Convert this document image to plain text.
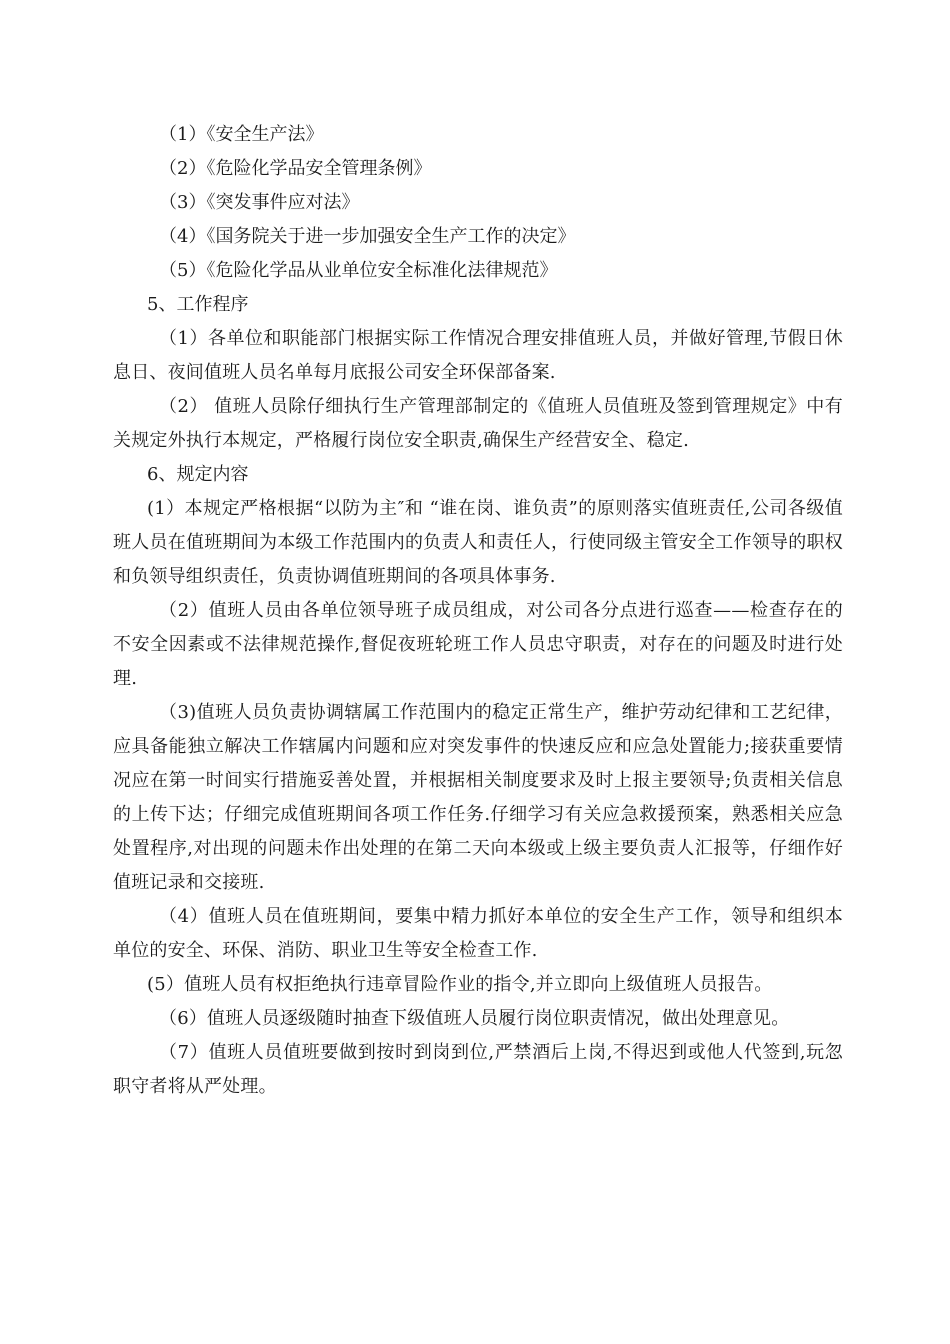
（1）《安全生产法》
（2）《危险化学品安全管理条例》
（3）《突发事件应对法》
（4）《国务院关于进一步加强安全生产工作的决定》
（5）《危险化学品从业单位安全标准化法律规范》
5、工作程序
（1）各单位和职能部门根据实际工作情况合理安排值班人员，并做好管理,节假日休息日、夜间值班人员名单每月底报公司安全环保部备案.
（2） 值班人员除仔细执行生产管理部制定的《值班人员值班及签到管理规定》中有关规定外执行本规定，严格履行岗位安全职责,确保生产经营安全、稳定.
6、规定内容
(1）本规定严格根据“以防为主″和 “谁在岗、谁负责”的原则落实值班责任,公司各级值班人员在值班期间为本级工作范围内的负责人和责任人，行使同级主管安全工作领导的职权和负领导组织责任，负责协调值班期间的各项具体事务.
（2）值班人员由各单位领导班子成员组成，对公司各分点进行巡查——检查存在的不安全因素或不法律规范操作,督促夜班轮班工作人员忠守职责，对存在的问题及时进行处理.
（3)值班人员负责协调辖属工作范围内的稳定正常生产，维护劳动纪律和工艺纪律，应具备能独立解决工作辖属内问题和应对突发事件的快速反应和应急处置能力;接获重要情况应在第一时间实行措施妥善处置，并根据相关制度要求及时上报主要领导;负责相关信息的上传下达；仔细完成值班期间各项工作任务.仔细学习有关应急救援预案，熟悉相关应急处置程序,对出现的问题未作出处理的在第二天向本级或上级主要负责人汇报等，仔细作好值班记录和交接班.
（4）值班人员在值班期间，要集中精力抓好本单位的安全生产工作，领导和组织本单位的安全、环保、消防、职业卫生等安全检查工作.
(5）值班人员有权拒绝执行违章冒险作业的指令,并立即向上级值班人员报告。
（6）值班人员逐级随时抽查下级值班人员履行岗位职责情况，做出处理意见。
（7）值班人员值班要做到按时到岗到位,严禁酒后上岗,不得迟到或他人代签到,玩忽职守者将从严处理。
